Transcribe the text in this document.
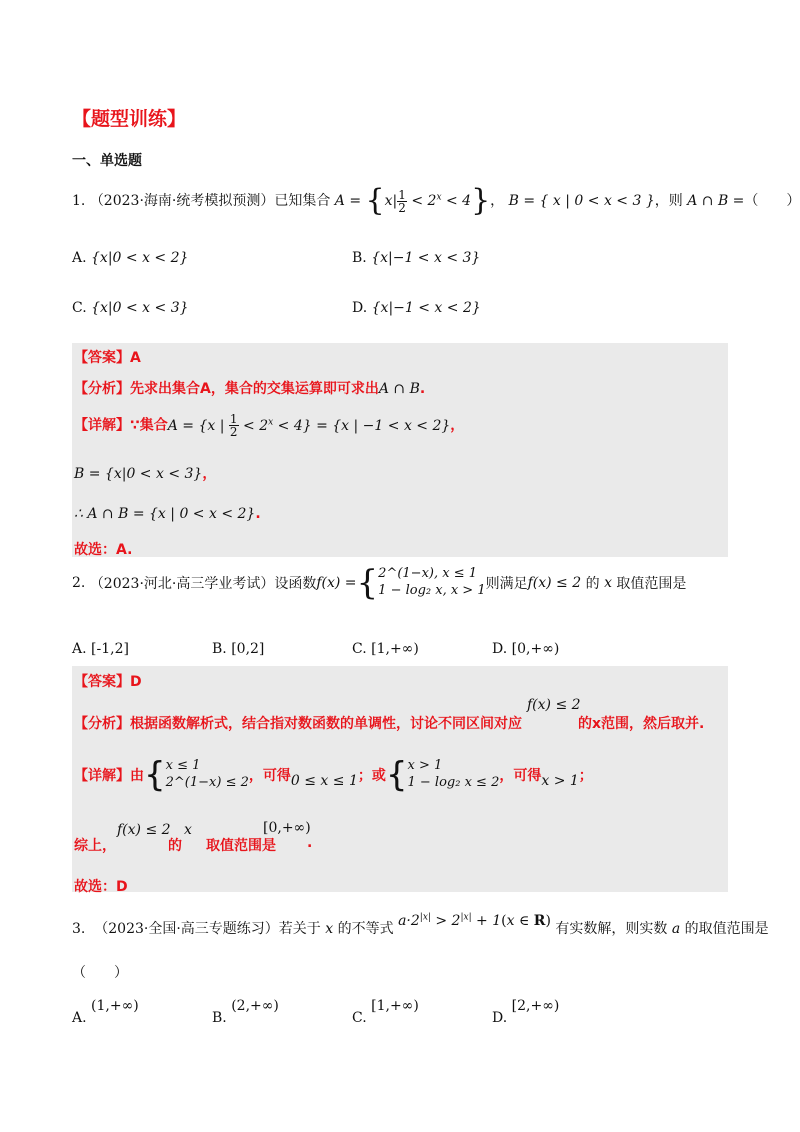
【题型训练】
一、单选题
1. （2023·海南·统考模拟预测）已知集合 $A = \{x| \frac{1}{2} < 2^x < 4\}$， B = { x | 0 < x < 3 }，则 A ∩ B =（　　）
A. {x|0 < x < 2}	B. {x|−1 < x < 3}
C. {x|0 < x < 3}	D. {x|−1 < x < 2}
【答案】A
【分析】先求出集合A，集合的交集运算即可求出A ∩ B.
【详解】∵集合A = {x | $\frac{1}{2} < 2^x < 4\} = \{x$ | −1 < x < 2}，
B = {x|0 < x < 3}，
∴ A ∩ B = {x | 0 < x < 2}.
故选：A.
2.
（2023·河北·高三学业考试）设函数 f(x) = { 2^(1−x), x ≤ 1
1 − log₂ x, x > 1 则满足 f(x) ≤ 2
的
x
取值范围是
A. [-1,2]	B. [0,2]	C. [1,+∞)	D. [0,+∞)
【答案】D
【分析】根据函数解析式，结合指对数函数的单调性，讨论不同区间对应
f(x) ≤ 2
的x范围，然后取并.
【详解】 由 { x ≤ 1
2^(1−x) ≤ 2 ，可得 0 ≤ x ≤ 1 ；或 { x > 1
1 − log₂ x ≤ 2 ，可得 x > 1 ；
综上，
f(x) ≤ 2
的
x
取值范围是
[0,+∞)
.
故选：D
3. （2023·全国·高三专题练习）若关于 x 的不等式 $a\cdot 2^{|x|} > 2^{|x|} + 1(x$ ∈ R) 有实数解，则实数 a 的取值范围是
（　　）
A. (1,+∞)
B. (2,+∞)
C. [1,+∞)
D. [2,+∞)
